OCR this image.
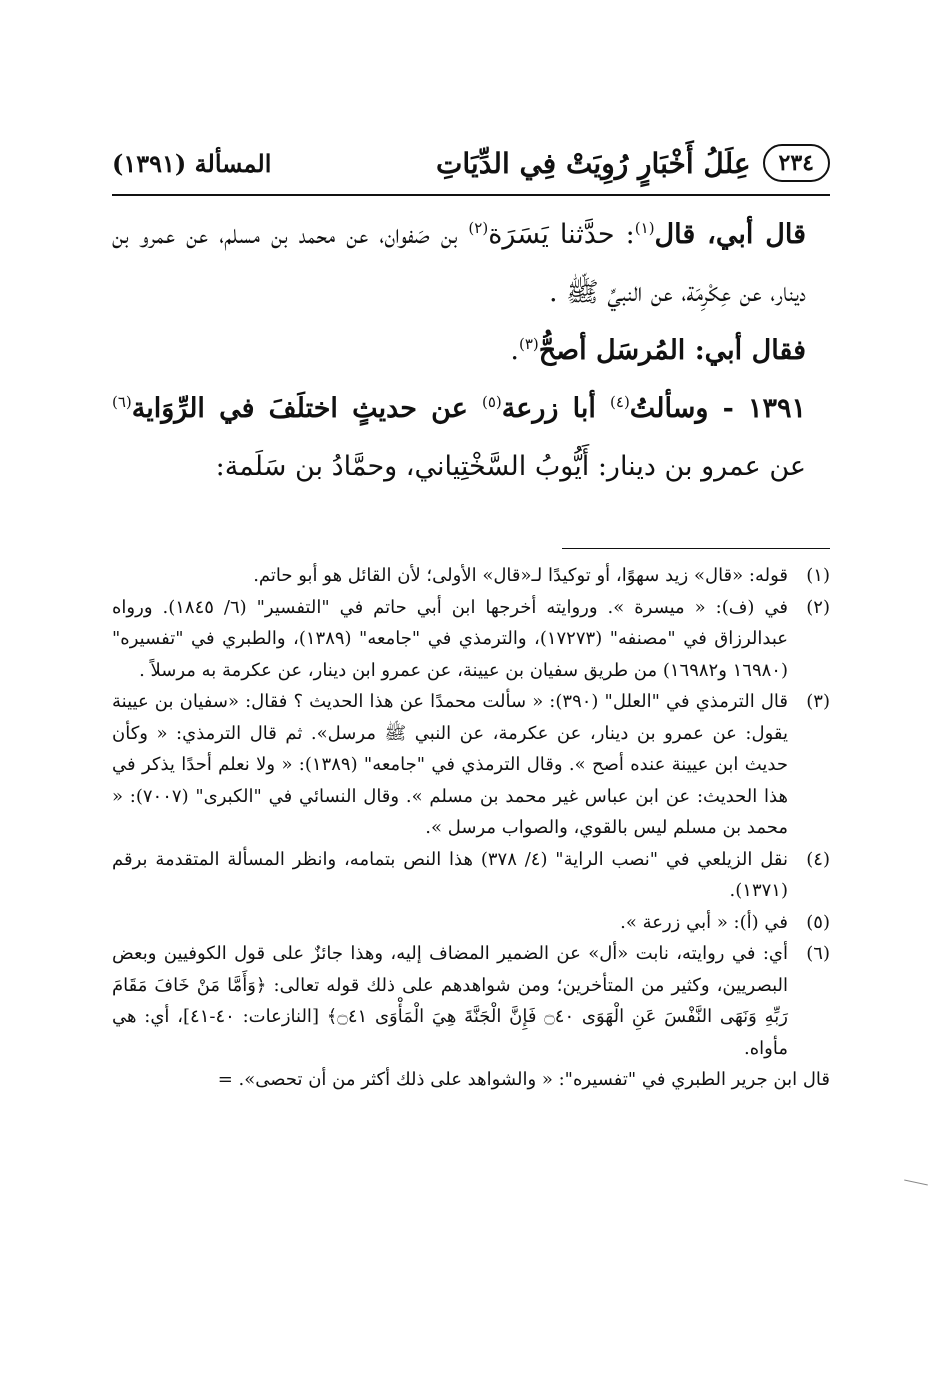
٢٣٤
عِلَلُ أَخْبَارٍ رُوِيَتْ فِي الدِّيَاتِ
المسألة (١٣٩١)

قال أبي، قال$^{(١)}$: حدَّثنا يَسَرَة$^{(٢)}$ بن صَفوان، عن محمد بن مسلم، عن عمرو بن دينار، عن عِكْرِمَة، عن النبيِّ ﷺ .

فقال أبي: المُرسَل أصحُّ$^{(٣)}$.

١٣٩١ - وسألتُ$^{(٤)}$ أبا زرعة$^{(٥)}$ عن حديثٍ اختلَفَ في الرِّوَاية$^{(٦)}$ عن عمرو بن دينار: أَيُّوبُ السَّخْتِياني، وحمَّادُ بن سَلَمة:

(١)
قوله: «قال» زيد سهوًا، أو توكيدًا لـ«قال» الأولى؛ لأن القائل هو أبو حاتم.
(٢)
في (ف): « ميسرة ». وروايته أخرجها ابن أبي حاتم في "التفسير" (٦/ ١٨٤٥). ورواه عبدالرزاق في "مصنفه" (١٧٢٧٣)، والترمذي في "جامعه" (١٣٨٩)، والطبري في "تفسيره" (١٦٩٨٠ و١٦٩٨٢) من طريق سفيان بن عيينة، عن عمرو ابن دينار، عن عكرمة به مرسلاً .
(٣)
قال الترمذي في "العلل" (٣٩٠): « سألت محمدًا عن هذا الحديث ؟ فقال: «سفيان بن عيينة يقول: عن عمرو بن دينار، عن عكرمة، عن النبي ﷺ مرسل». ثم قال الترمذي: « وكأن حديث ابن عيينة عنده أصح ». وقال الترمذي في "جامعه" (١٣٨٩): « ولا نعلم أحدًا يذكر في هذا الحديث: عن ابن عباس غير محمد بن مسلم ». وقال النسائي في "الكبرى" (٧٠٠٧): « محمد بن مسلم ليس بالقوي، والصواب مرسل ».
(٤)
نقل الزيلعي في "نصب الراية" (٤/ ٣٧٨) هذا النص بتمامه، وانظر المسألة المتقدمة برقم (١٣٧١).
(٥)
في (أ): « أبي زرعة ».
(٦)
أي: في روايته، نابت «أل» عن الضمير المضاف إليه، وهذا جائزٌ على قول الكوفيين وبعض البصريين، وكثير من المتأخرين؛ ومن شواهدهم على ذلك قوله تعالى: ﴿وَأَمَّا مَنْ خَافَ مَقَامَ رَبِّهِ وَنَهَى النَّفْسَ عَنِ الْهَوَى ۝٤٠ فَإِنَّ الْجَنَّةَ هِيَ الْمَأْوَى ۝٤١﴾ [النازعات: ٤٠-٤١]، أي: هي مأواه.

قال ابن جرير الطبري في "تفسيره": « والشواهد على ذلك أكثر من أن تحصى». =
